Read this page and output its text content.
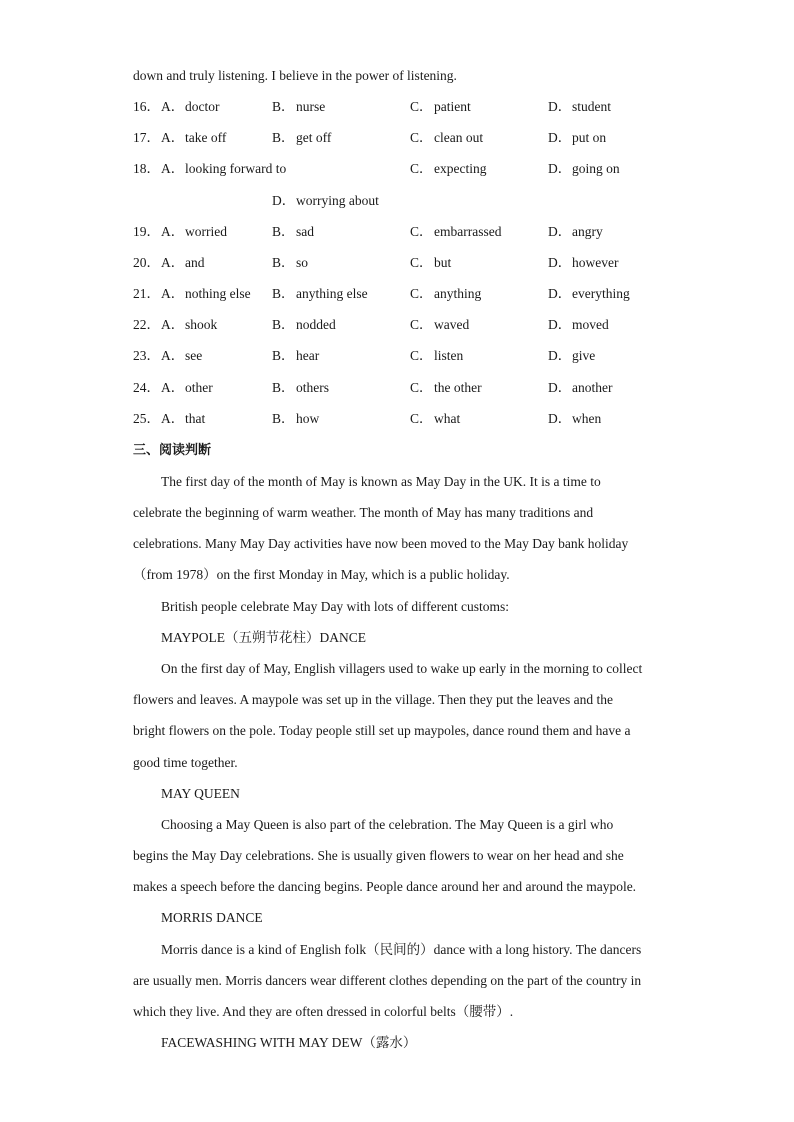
down and truly listening. I believe in the power of listening.
16． A．doctor	B．nurse	C．patient	D．student
17． A．take off	B．get off	C．clean out	D．put on
18． A．looking forward to	C．expecting	D．going on
D．worrying about
19． A．worried	B．sad	C．embarrassed	D．angry
20． A．and	B．so	C．but	D．however
21． A．nothing else B．anything else	C．anything	D．everything
22． A．shook	B．nodded	C．waved	D．moved
23． A．see	B．hear	C．listen	D．give
24． A．other	B．others	C．the other	D．another
25． A．that	B．how	C．what	D．when
三、阅读判断
The first day of the month of May is known as May Day in the UK. It is a time to
celebrate the beginning of warm weather. The month of May has many traditions and
celebrations. Many May Day activities have now been moved to the May Day bank holiday
（from 1978）on the first Monday in May, which is a public holiday.
British people celebrate May Day with lots of different customs:
MAYPOLE（五朔节花柱）DANCE
On the first day of May, English villagers used to wake up early in the morning to collect
flowers and leaves. A maypole was set up in the village. Then they put the leaves and the
bright flowers on the pole. Today people still set up maypoles, dance round them and have a
good time together.
MAY QUEEN
Choosing a May Queen is also part of the celebration. The May Queen is a girl who
begins the May Day celebrations. She is usually given flowers to wear on her head and she
makes a speech before the dancing begins. People dance around her and around the maypole.
MORRIS DANCE
Morris dance is a kind of English folk（民间的）dance with a long history. The dancers
are usually men. Morris dancers wear different clothes depending on the part of the country in
which they live. And they are often dressed in colorful belts（腰带）.
FACEWASHING WITH MAY DEW（露水）
